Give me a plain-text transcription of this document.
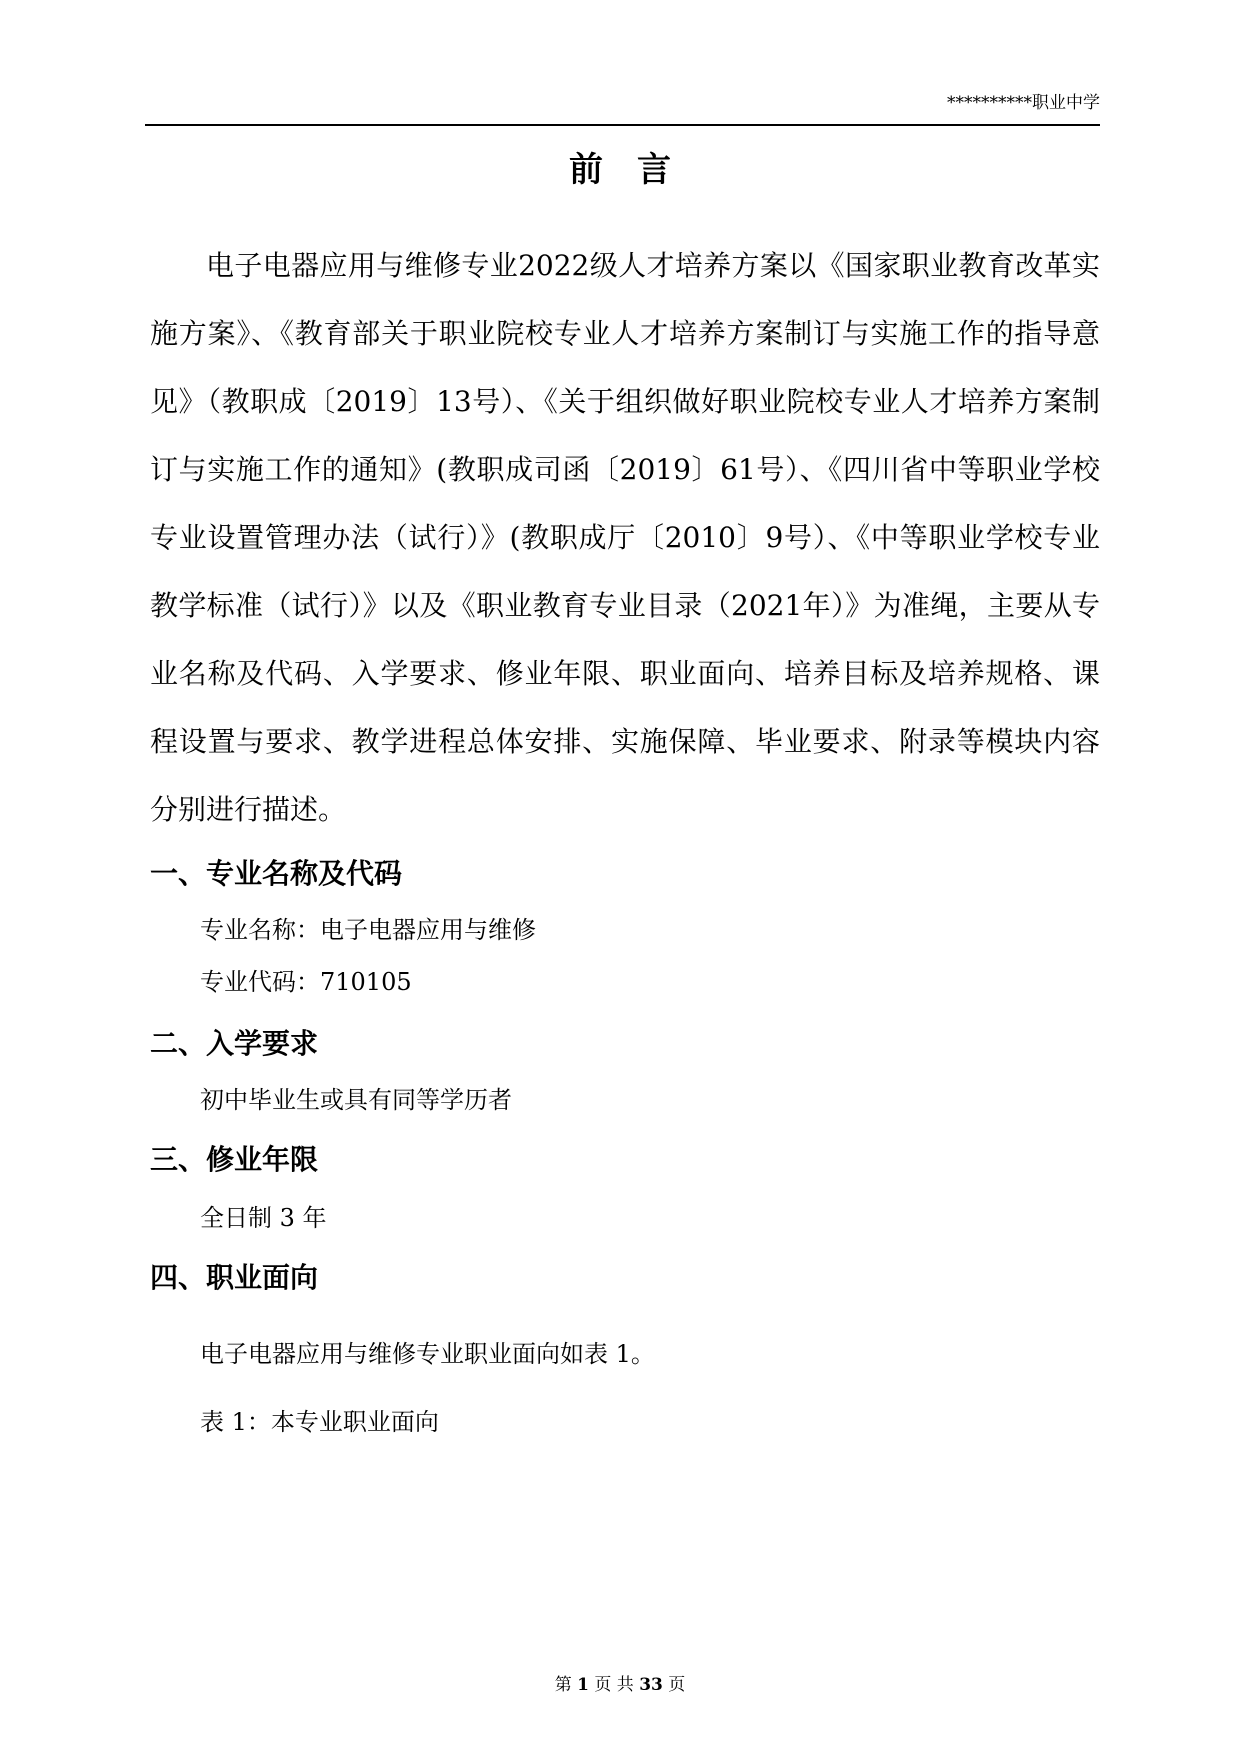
**********职业中学
前言

电子电器应用与维修专业2022级人才培养方案以《国家职业教育改革实施方案》、《教育部关于职业院校专业人才培养方案制订与实施工作的指导意见》（教职成〔2019〕13号）、《关于组织做好职业院校专业人才培养方案制订与实施工作的通知》(教职成司函〔2019〕61号）、《四川省中等职业学校专业设置管理办法（试行）》(教职成厅〔2010〕9号）、《中等职业学校专业教学标准（试行）》以及《职业教育专业目录（2021年）》为准绳，主要从专业名称及代码、入学要求、修业年限、职业面向、培养目标及培养规格、课程设置与要求、教学进程总体安排、实施保障、毕业要求、附录等模块内容分别进行描述。

一、专业名称及代码
专业名称：电子电器应用与维修
专业代码：710105
二、入学要求
初中毕业生或具有同等学历者
三、修业年限
全日制 3 年
四、职业面向
电子电器应用与维修专业职业面向如表 1。
表 1：本专业职业面向
第 1 页 共 33 页
